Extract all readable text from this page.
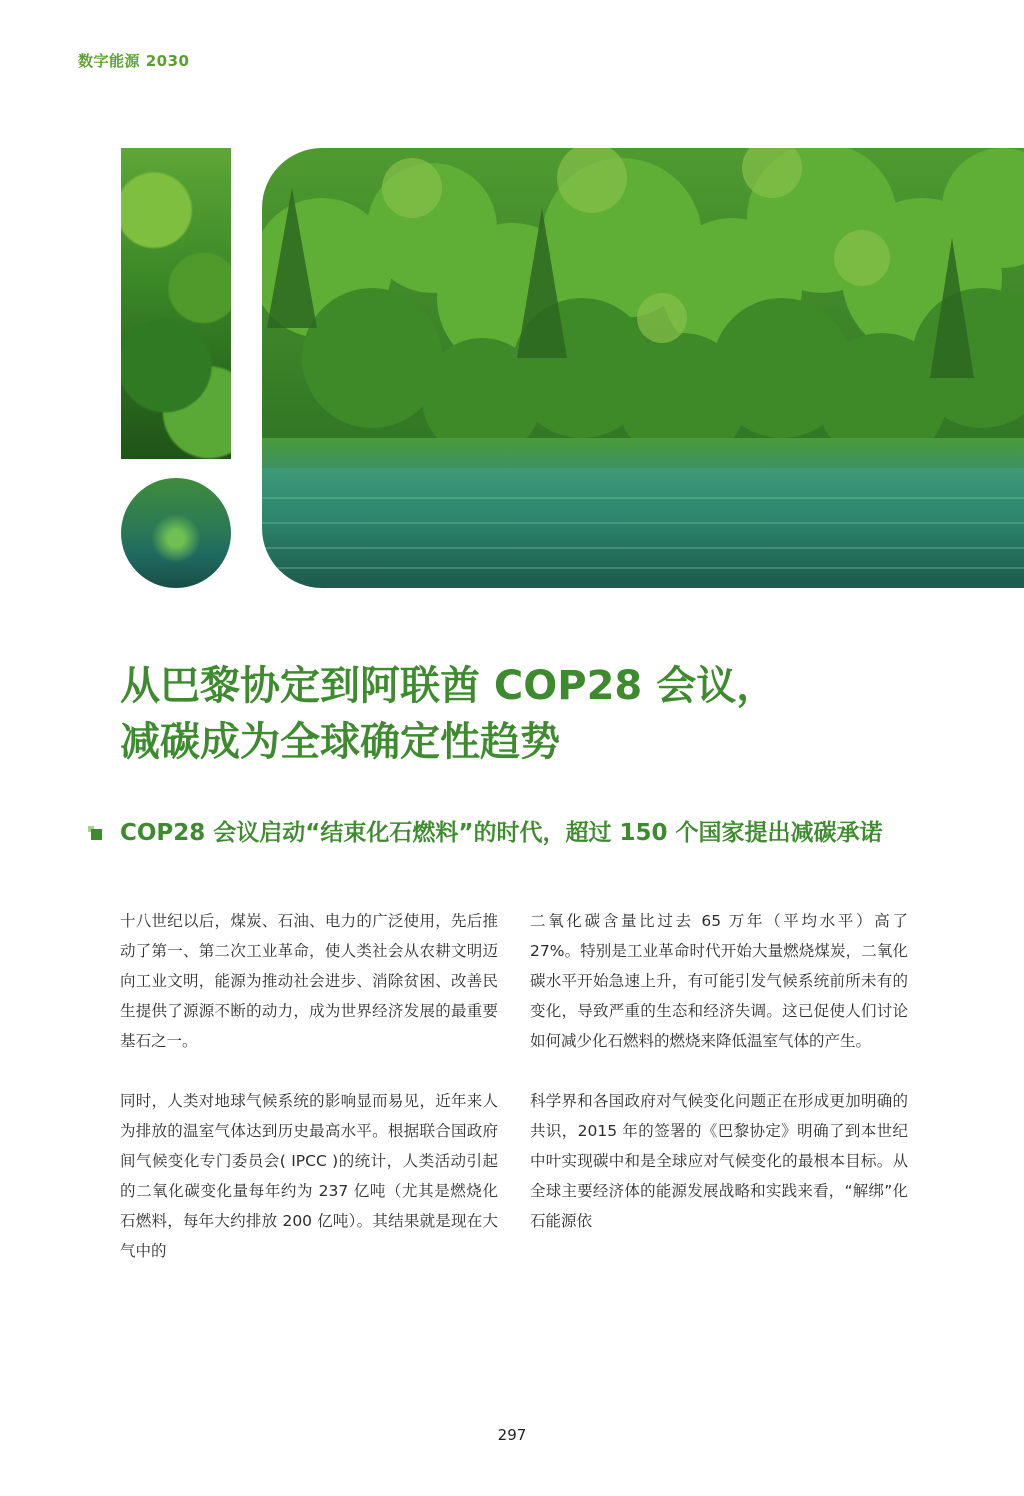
数字能源 2030
从巴黎协定到阿联酋 COP28 会议，
减碳成为全球确定性趋势
COP28 会议启动“结束化石燃料”的时代，超过 150 个国家提出减碳承诺

十八世纪以后，煤炭、石油、电力的广泛使用，先后推动了第一、第二次工业革命，使人类社会从农耕文明迈向工业文明，能源为推动社会进步、消除贫困、改善民生提供了源源不断的动力，成为世界经济发展的最重要基石之一。

同时，人类对地球气候系统的影响显而易见，近年来人为排放的温室气体达到历史最高水平。根据联合国政府间气候变化专门委员会( IPCC )的统计，人类活动引起的二氧化碳变化量每年约为 237 亿吨（尤其是燃烧化石燃料，每年大约排放 200 亿吨）。其结果就是现在大气中的

二氧化碳含量比过去 65 万年（平均水平）高了 27%。特别是工业革命时代开始大量燃烧煤炭，二氧化碳水平开始急速上升，有可能引发气候系统前所未有的变化，导致严重的生态和经济失调。这已促使人们讨论如何减少化石燃料的燃烧来降低温室气体的产生。

科学界和各国政府对气候变化问题正在形成更加明确的共识，2015 年的签署的《巴黎协定》明确了到本世纪中叶实现碳中和是全球应对气候变化的最根本目标。从全球主要经济体的能源发展战略和实践来看，“解绑”化石能源依

297
